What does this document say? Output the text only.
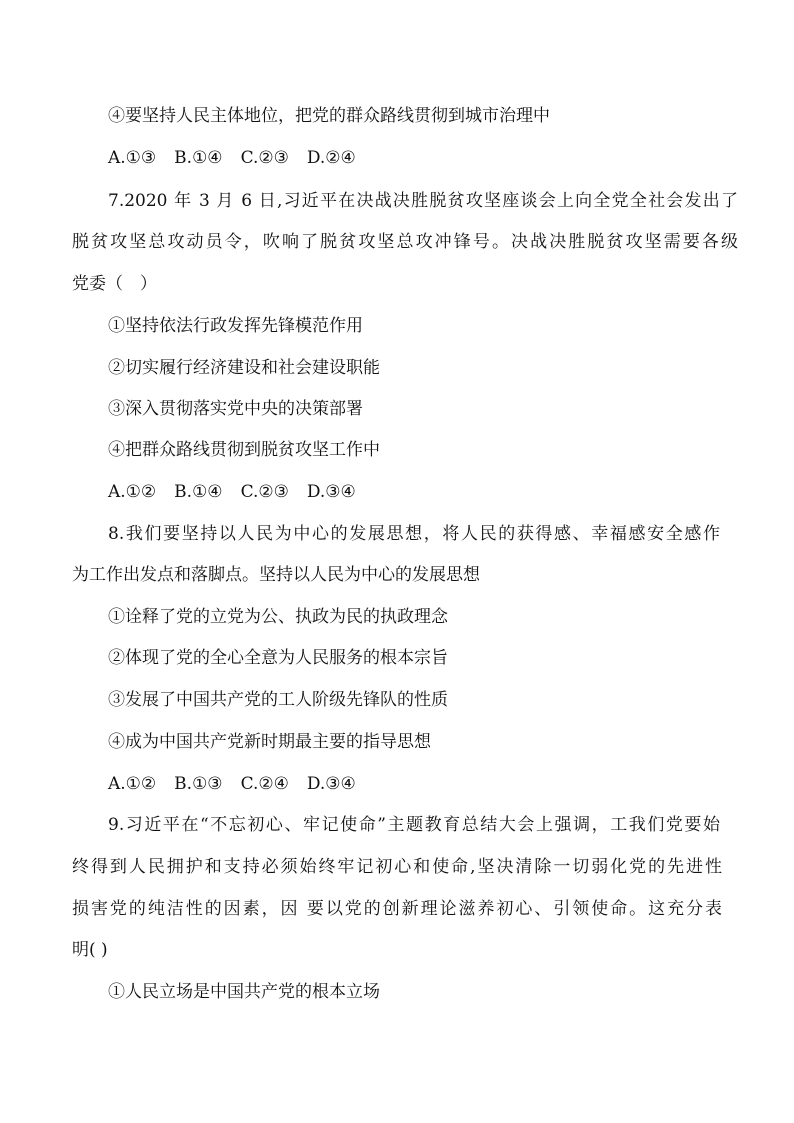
④要坚持人民主体地位，把党的群众路线贯彻到城市治理中
A.①③ B.①④ C.②③ D.②④
7.2020 年 3 月 6 日,习近平在决战决胜脱贫攻坚座谈会上向全党全社会发出了
脱贫攻坚总攻动员令，吹响了脱贫攻坚总攻冲锋号。决战决胜脱贫攻坚需要各级
党委（　）
①坚持依法行政发挥先锋模范作用
②切实履行经济建设和社会建设职能
③深入贯彻落实党中央的决策部署
④把群众路线贯彻到脱贫攻坚工作中
A.①② B.①④ C.②③ D.③④
8.我们要坚持以人民为中心的发展思想，将人民的获得感、幸福感安全感作
为工作出发点和落脚点。坚持以人民为中心的发展思想
①诠释了党的立党为公、执政为民的执政理念
②体现了党的全心全意为人民服务的根本宗旨
③发展了中国共产党的工人阶级先锋队的性质
④成为中国共产党新时期最主要的指导思想
A.①② B.①③ C.②④ D.③④
9.习近平在“不忘初心、牢记使命”主题教育总结大会上强调，工我们党要始
终得到人民拥护和支持必须始终牢记初心和使命,坚决清除一切弱化党的先进性
损害党的纯洁性的因素，因 要以党的创新理论滋养初心、引领使命。这充分表
明( )
①人民立场是中国共产党的根本立场
